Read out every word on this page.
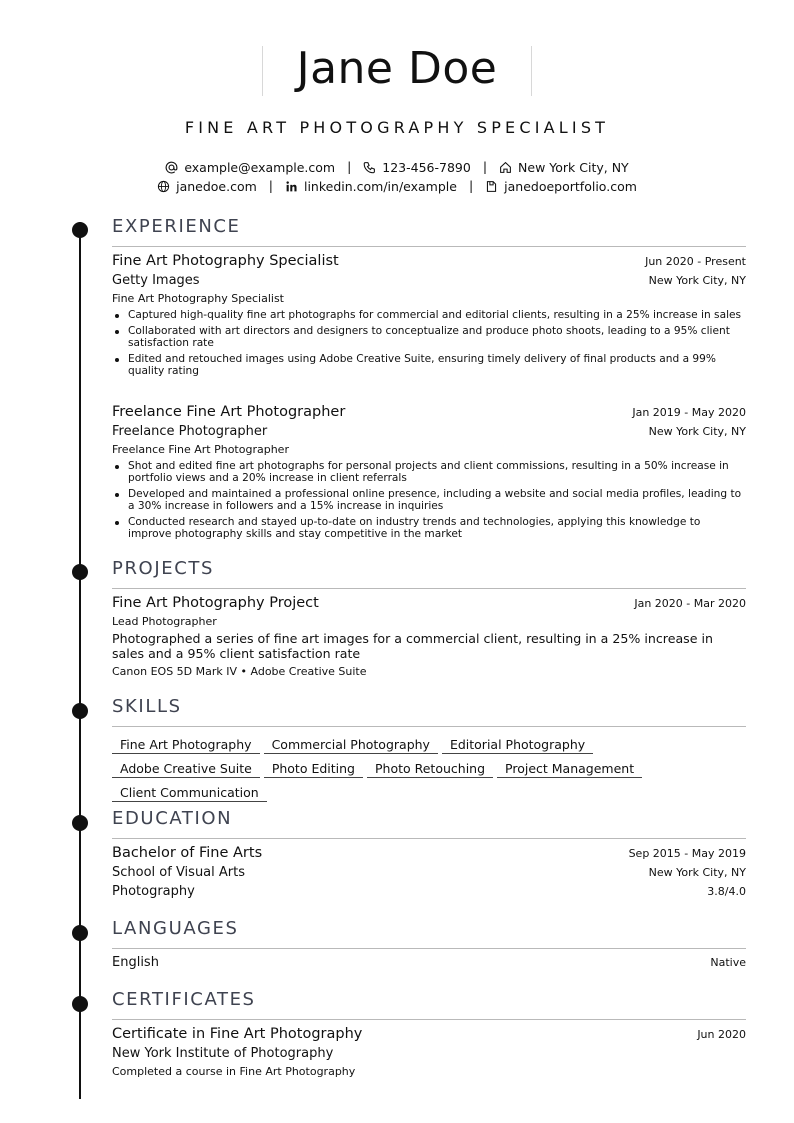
Jane Doe
FINE ART PHOTOGRAPHY SPECIALIST
example@example.com | 123-456-7890 | New York City, NY
janedoe.com | linkedin.com/in/example | janedoeportfolio.com
EXPERIENCE
Fine Art Photography Specialist	Jun 2020 - Present
Getty Images	New York City, NY
Fine Art Photography Specialist
Captured high-quality fine art photographs for commercial and editorial clients, resulting in a 25% increase in sales
Collaborated with art directors and designers to conceptualize and produce photo shoots, leading to a 95% client satisfaction rate
Edited and retouched images using Adobe Creative Suite, ensuring timely delivery of final products and a 99% quality rating
Freelance Fine Art Photographer	Jan 2019 - May 2020
Freelance Photographer	New York City, NY
Freelance Fine Art Photographer
Shot and edited fine art photographs for personal projects and client commissions, resulting in a 50% increase in portfolio views and a 20% increase in client referrals
Developed and maintained a professional online presence, including a website and social media profiles, leading to a 30% increase in followers and a 15% increase in inquiries
Conducted research and stayed up-to-date on industry trends and technologies, applying this knowledge to improve photography skills and stay competitive in the market
PROJECTS
Fine Art Photography Project	Jan 2020 - Mar 2020
Lead Photographer
Photographed a series of fine art images for a commercial client, resulting in a 25% increase in sales and a 95% client satisfaction rate
Canon EOS 5D Mark IV • Adobe Creative Suite
SKILLS
Fine Art Photography Commercial Photography Editorial Photography
Adobe Creative Suite Photo Editing Photo Retouching Project Management
Client Communication
EDUCATION
Bachelor of Fine Arts	Sep 2015 - May 2019
School of Visual Arts	New York City, NY
Photography	3.8/4.0
LANGUAGES
English	Native
CERTIFICATES
Certificate in Fine Art Photography	Jun 2020
New York Institute of Photography
Completed a course in Fine Art Photography
